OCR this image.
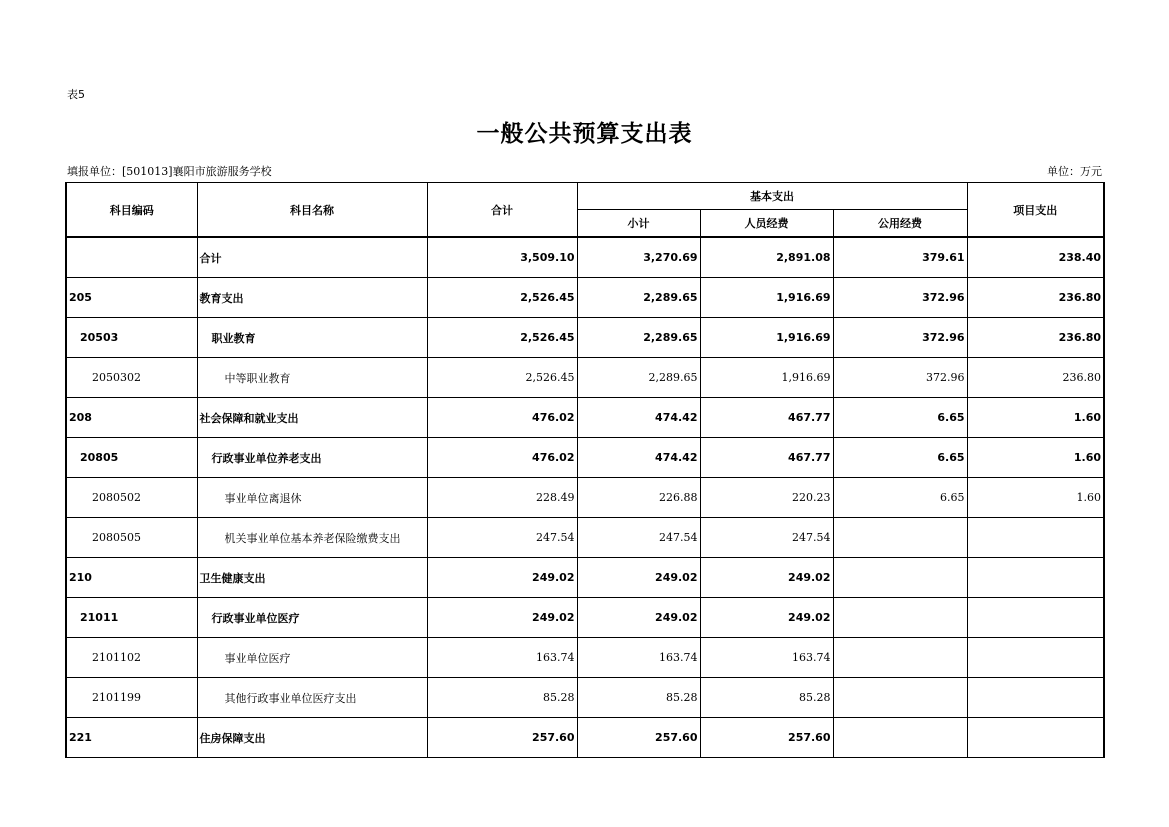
表5
一般公共预算支出表
填报单位：[501013]襄阳市旅游服务学校	单位：万元
科目编码	科目名称	合计	基本支出			项目支出
			小计	人员经费	公用经费	
	合计	3,509.10	3,270.69	2,891.08	379.61	238.40
205	教育支出	2,526.45	2,289.65	1,916.69	372.96	236.80
20503	职业教育	2,526.45	2,289.65	1,916.69	372.96	236.80
2050302	中等职业教育	2,526.45	2,289.65	1,916.69	372.96	236.80
208	社会保障和就业支出	476.02	474.42	467.77	6.65	1.60
20805	行政事业单位养老支出	476.02	474.42	467.77	6.65	1.60
2080502	事业单位离退休	228.49	226.88	220.23	6.65	1.60
2080505	机关事业单位基本养老保险缴费支出	247.54	247.54	247.54		
210	卫生健康支出	249.02	249.02	249.02		
21011	行政事业单位医疗	249.02	249.02	249.02		
2101102	事业单位医疗	163.74	163.74	163.74		
2101199	其他行政事业单位医疗支出	85.28	85.28	85.28		
221	住房保障支出	257.60	257.60	257.60		
